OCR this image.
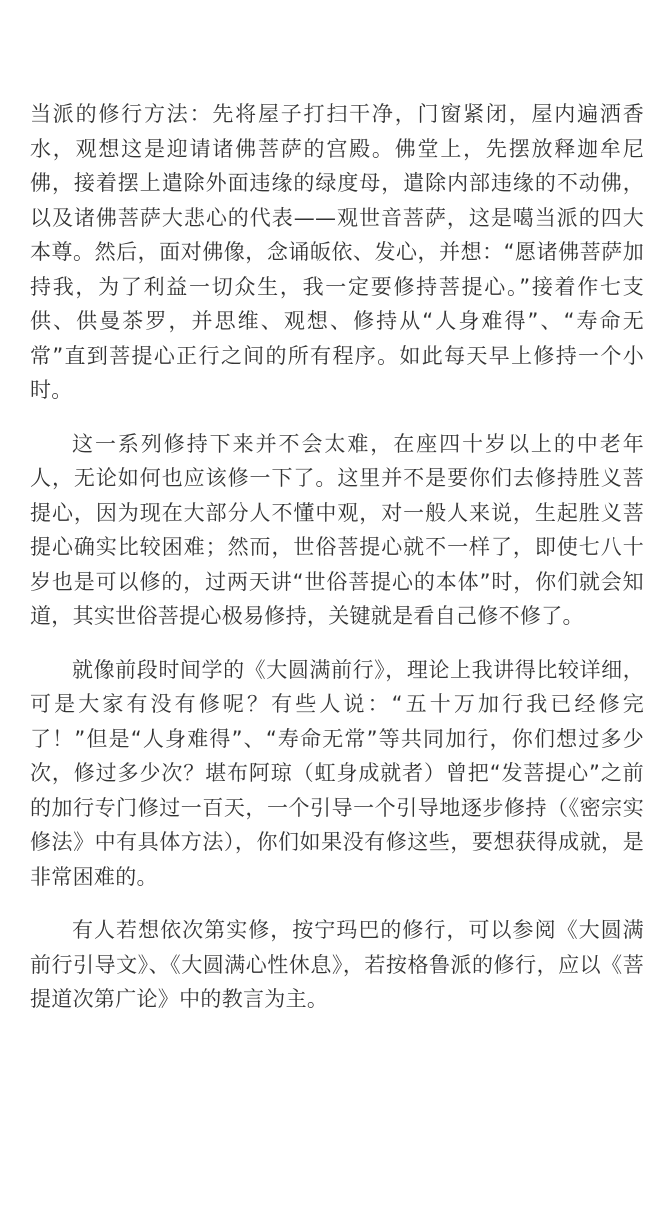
当派的修行方法：先将屋子打扫干净，门窗紧闭，屋内遍洒香水，观想这是迎请诸佛菩萨的宫殿。佛堂上，先摆放释迦牟尼佛，接着摆上遣除外面违缘的绿度母，遣除内部违缘的不动佛，以及诸佛菩萨大悲心的代表——观世音菩萨，这是噶当派的四大本尊。然后，面对佛像，念诵皈依、发心，并想：“愿诸佛菩萨加持我，为了利益一切众生，我一定要修持菩提心。”接着作七支供、供曼茶罗，并思维、观想、修持从“人身难得”、“寿命无常”直到菩提心正行之间的所有程序。如此每天早上修持一个小时。

这一系列修持下来并不会太难，在座四十岁以上的中老年人，无论如何也应该修一下了。这里并不是要你们去修持胜义菩提心，因为现在大部分人不懂中观，对一般人来说，生起胜义菩提心确实比较困难；然而，世俗菩提心就不一样了，即使七八十岁也是可以修的，过两天讲“世俗菩提心的本体”时，你们就会知道，其实世俗菩提心极易修持，关键就是看自己修不修了。

就像前段时间学的《大圆满前行》，理论上我讲得比较详细，可是大家有没有修呢？有些人说：“五十万加行我已经修完了！”但是“人身难得”、“寿命无常”等共同加行，你们想过多少次，修过多少次？堪布阿琼（虹身成就者）曾把“发菩提心”之前的加行专门修过一百天，一个引导一个引导地逐步修持（《密宗实修法》中有具体方法），你们如果没有修这些，要想获得成就，是非常困难的。

有人若想依次第实修，按宁玛巴的修行，可以参阅《大圆满前行引导文》、《大圆满心性休息》，若按格鲁派的修行，应以《菩提道次第广论》中的教言为主。
